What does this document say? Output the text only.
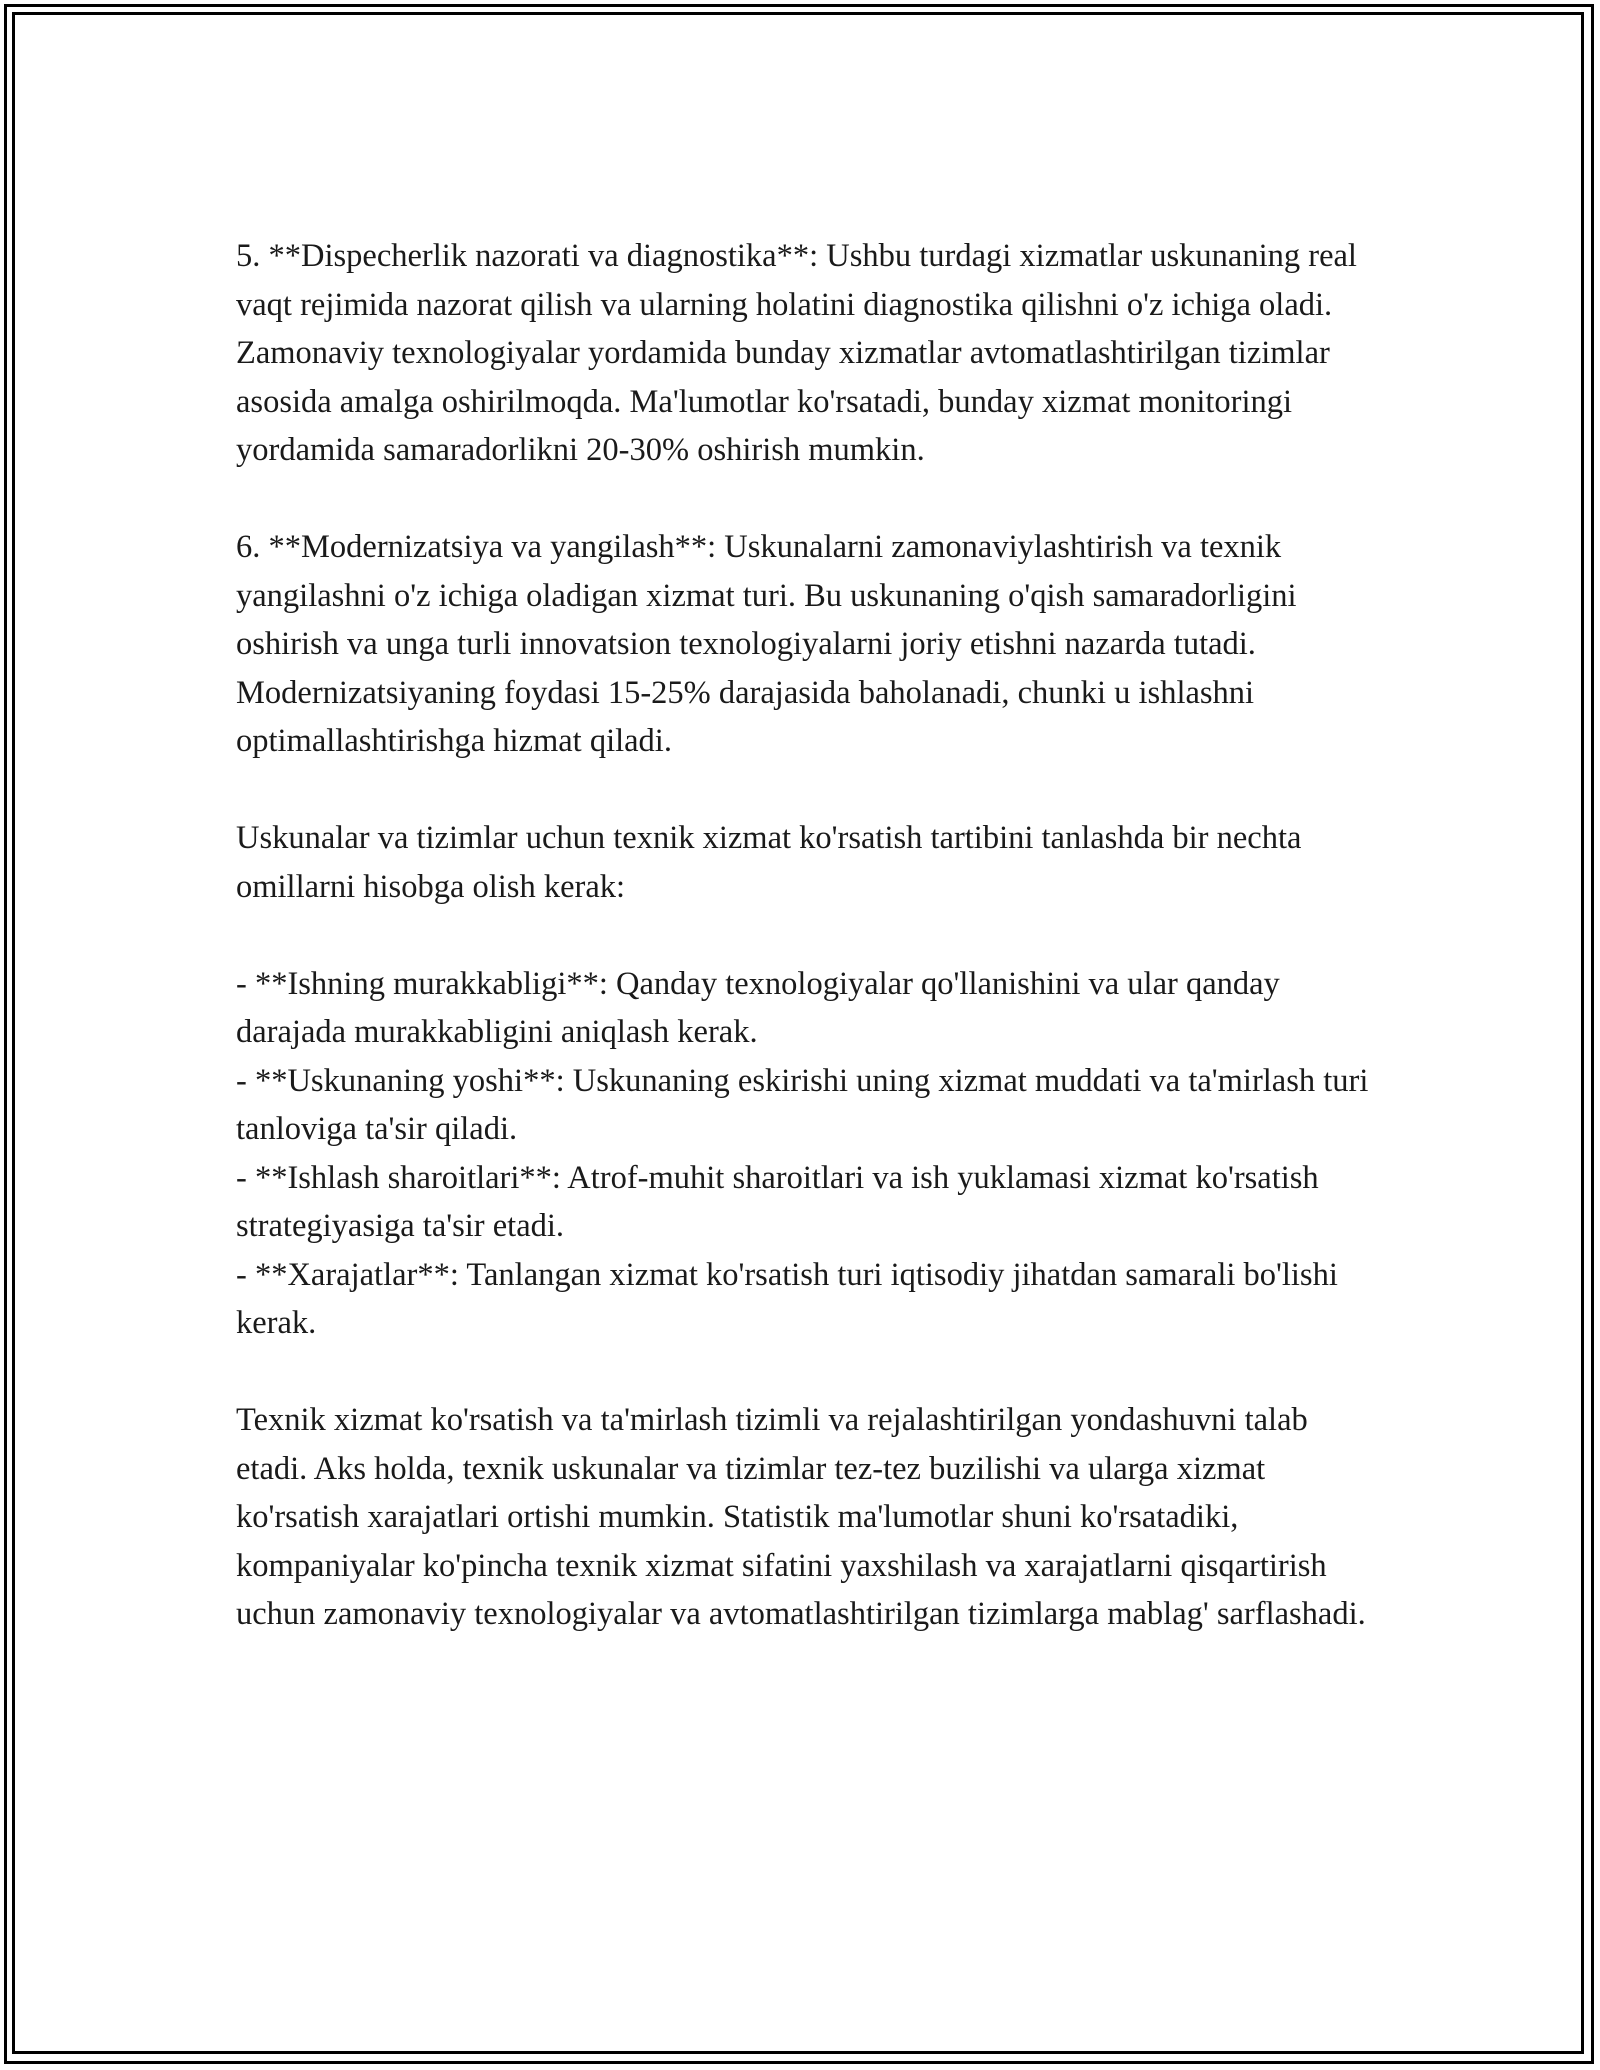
5. **Dispecherlik nazorati va diagnostika**: Ushbu turdagi xizmatlar uskunaning real vaqt rejimida nazorat qilish va ularning holatini diagnostika qilishni o'z ichiga oladi. Zamonaviy texnologiyalar yordamida bunday xizmatlar avtomatlashtirilgan tizimlar asosida amalga oshirilmoqda. Ma'lumotlar ko'rsatadi, bunday xizmat monitoringi yordamida samaradorlikni 20-30% oshirish mumkin.

6. **Modernizatsiya va yangilash**: Uskunalarni zamonaviylashtirish va texnik yangilashni o'z ichiga oladigan xizmat turi. Bu uskunaning o'qish samaradorligini oshirish va unga turli innovatsion texnologiyalarni joriy etishni nazarda tutadi. Modernizatsiyaning foydasi 15-25% darajasida baholanadi, chunki u ishlashni optimallashtirishga hizmat qiladi.

Uskunalar va tizimlar uchun texnik xizmat ko'rsatish tartibini tanlashda bir nechta omillarni hisobga olish kerak:

- **Ishning murakkabligi**: Qanday texnologiyalar qo'llanishini va ular qanday darajada murakkabligini aniqlash kerak.

- **Uskunaning yoshi**: Uskunaning eskirishi uning xizmat muddati va ta'mirlash turi tanloviga ta'sir qiladi.

- **Ishlash sharoitlari**: Atrof-muhit sharoitlari va ish yuklamasi xizmat ko'rsatish strategiyasiga ta'sir etadi.

- **Xarajatlar**: Tanlangan xizmat ko'rsatish turi iqtisodiy jihatdan samarali bo'lishi kerak.

Texnik xizmat ko'rsatish va ta'mirlash tizimli va rejalashtirilgan yondashuvni talab etadi. Aks holda, texnik uskunalar va tizimlar tez-tez buzilishi va ularga xizmat ko'rsatish xarajatlari ortishi mumkin. Statistik ma'lumotlar shuni ko'rsatadiki, kompaniyalar ko'pincha texnik xizmat sifatini yaxshilash va xarajatlarni qisqartirish uchun zamonaviy texnologiyalar va avtomatlashtirilgan tizimlarga mablag' sarflashadi.
